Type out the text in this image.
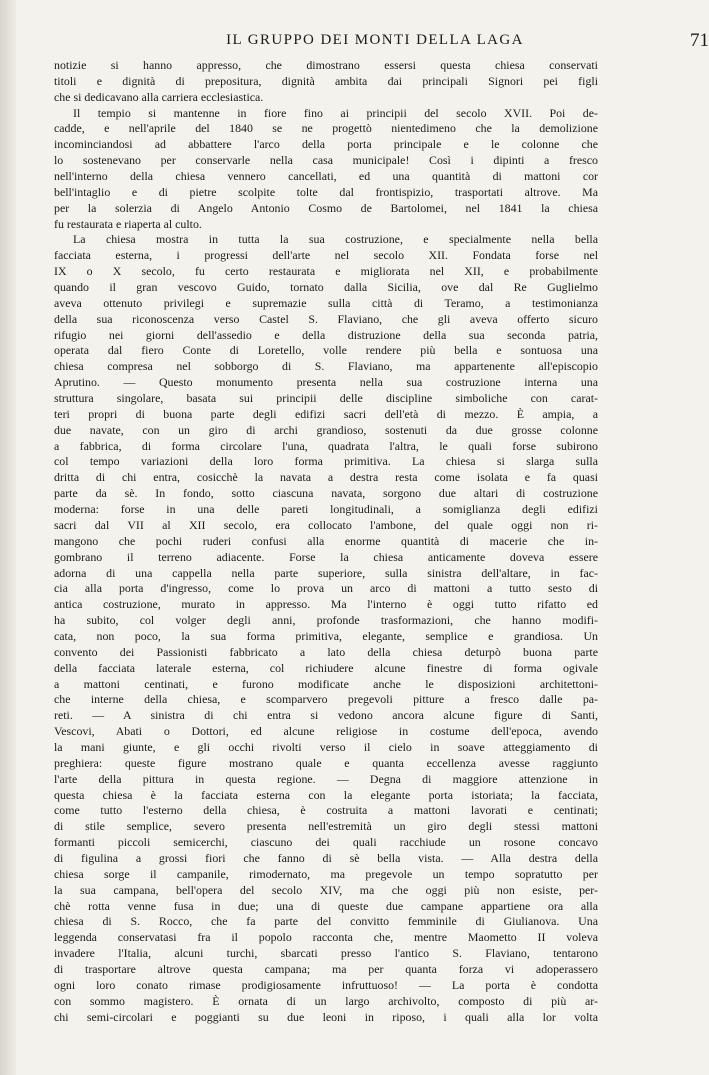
IL GRUPPO DEI MONTI DELLA LAGA	71
notizie si hanno appresso, che dimostrano essersi questa chiesa conservati
titoli e dignità di prepositura, dignità ambita dai principali Signori pei figli
che si dedicavano alla carriera ecclesiastica.
Il tempio si mantenne in fiore fino ai principii del secolo XVII. Poi de-
cadde, e nell'aprile del 1840 se ne progettò nientedimeno che la demolizione
incominciandosi ad abbattere l'arco della porta principale e le colonne che
lo sostenevano per conservarle nella casa municipale! Così i dipinti a fresco
nell'interno della chiesa vennero cancellati, ed una quantità di mattoni cor
bell'intaglio e di pietre scolpite tolte dal frontispizio, trasportati altrove. Ma
per la solerzia di Angelo Antonio Cosmo de Bartolomei, nel 1841 la chiesa
fu restaurata e riaperta al culto.
La chiesa mostra in tutta la sua costruzione, e specialmente nella bella
facciata esterna, i progressi dell'arte nel secolo XII. Fondata forse nel
IX o X secolo, fu certo restaurata e migliorata nel XII, e probabilmente
quando il gran vescovo Guido, tornato dalla Sicilia, ove dal Re Guglielmo
aveva ottenuto privilegi e supremazie sulla città di Teramo, a testimonianza
della sua riconoscenza verso Castel S. Flaviano, che gli aveva offerto sicuro
rifugio nei giorni dell'assedio e della distruzione della sua seconda patria,
operata dal fiero Conte di Loretello, volle rendere più bella e sontuosa una
chiesa compresa nel sobborgo di S. Flaviano, ma appartenente all'episcopio
Aprutino. — Questo monumento presenta nella sua costruzione interna una
struttura singolare, basata sui principii delle discipline simboliche con carat-
teri propri di buona parte degli edifizi sacri dell'età di mezzo. È ampia, a
due navate, con un giro di archi grandioso, sostenuti da due grosse colonne
a fabbrica, di forma circolare l'una, quadrata l'altra, le quali forse subirono
col tempo variazioni della loro forma primitiva. La chiesa si slarga sulla
dritta di chi entra, cosicchè la navata a destra resta come isolata e fa quasi
parte da sè. In fondo, sotto ciascuna navata, sorgono due altari di costruzione
moderna: forse in una delle pareti longitudinali, a somiglianza degli edifizi
sacri dal VII al XII secolo, era collocato l'ambone, del quale oggi non ri-
mangono che pochi ruderi confusi alla enorme quantità di macerie che in-
gombrano il terreno adiacente. Forse la chiesa anticamente doveva essere
adorna di una cappella nella parte superiore, sulla sinistra dell'altare, in fac-
cia alla porta d'ingresso, come lo prova un arco di mattoni a tutto sesto di
antica costruzione, murato in appresso. Ma l'interno è oggi tutto rifatto ed
ha subito, col volger degli anni, profonde trasformazioni, che hanno modifi-
cata, non poco, la sua forma primitiva, elegante, semplice e grandiosa. Un
convento dei Passionisti fabbricato a lato della chiesa deturpò buona parte
della facciata laterale esterna, col richiudere alcune finestre di forma ogivale
a mattoni centinati, e furono modificate anche le disposizioni architettoni-
che interne della chiesa, e scomparvero pregevoli pitture a fresco dalle pa-
reti. — A sinistra di chi entra si vedono ancora alcune figure di Santi,
Vescovi, Abati o Dottori, ed alcune religiose in costume dell'epoca, avendo
la mani giunte, e gli occhi rivolti verso il cielo in soave atteggiamento di
preghiera: queste figure mostrano quale e quanta eccellenza avesse raggiunto
l'arte della pittura in questa regione. — Degna di maggiore attenzione in
questa chiesa è la facciata esterna con la elegante porta istoriata; la facciata,
come tutto l'esterno della chiesa, è costruita a mattoni lavorati e centinati;
di stile semplice, severo presenta nell'estremità un giro degli stessi mattoni
formanti piccoli semicerchi, ciascuno dei quali racchiude un rosone concavo
di figulina a grossi fiori che fanno di sè bella vista. — Alla destra della
chiesa sorge il campanile, rimodernato, ma pregevole un tempo sopratutto per
la sua campana, bell'opera del secolo XIV, ma che oggi più non esiste, per-
chè rotta venne fusa in due; una di queste due campane appartiene ora alla
chiesa di S. Rocco, che fa parte del convitto femminile di Giulianova. Una
leggenda conservatasi fra il popolo racconta che, mentre Maometto II voleva
invadere l'Italia, alcuni turchi, sbarcati presso l'antico S. Flaviano, tentarono
di trasportare altrove questa campana; ma per quanta forza vi adoperassero
ogni loro conato rimase prodigiosamente infruttuoso! — La porta è condotta
con sommo magistero. È ornata di un largo archivolto, composto di più ar-
chi semi-circolari e poggianti su due leoni in riposo, i quali alla lor volta
